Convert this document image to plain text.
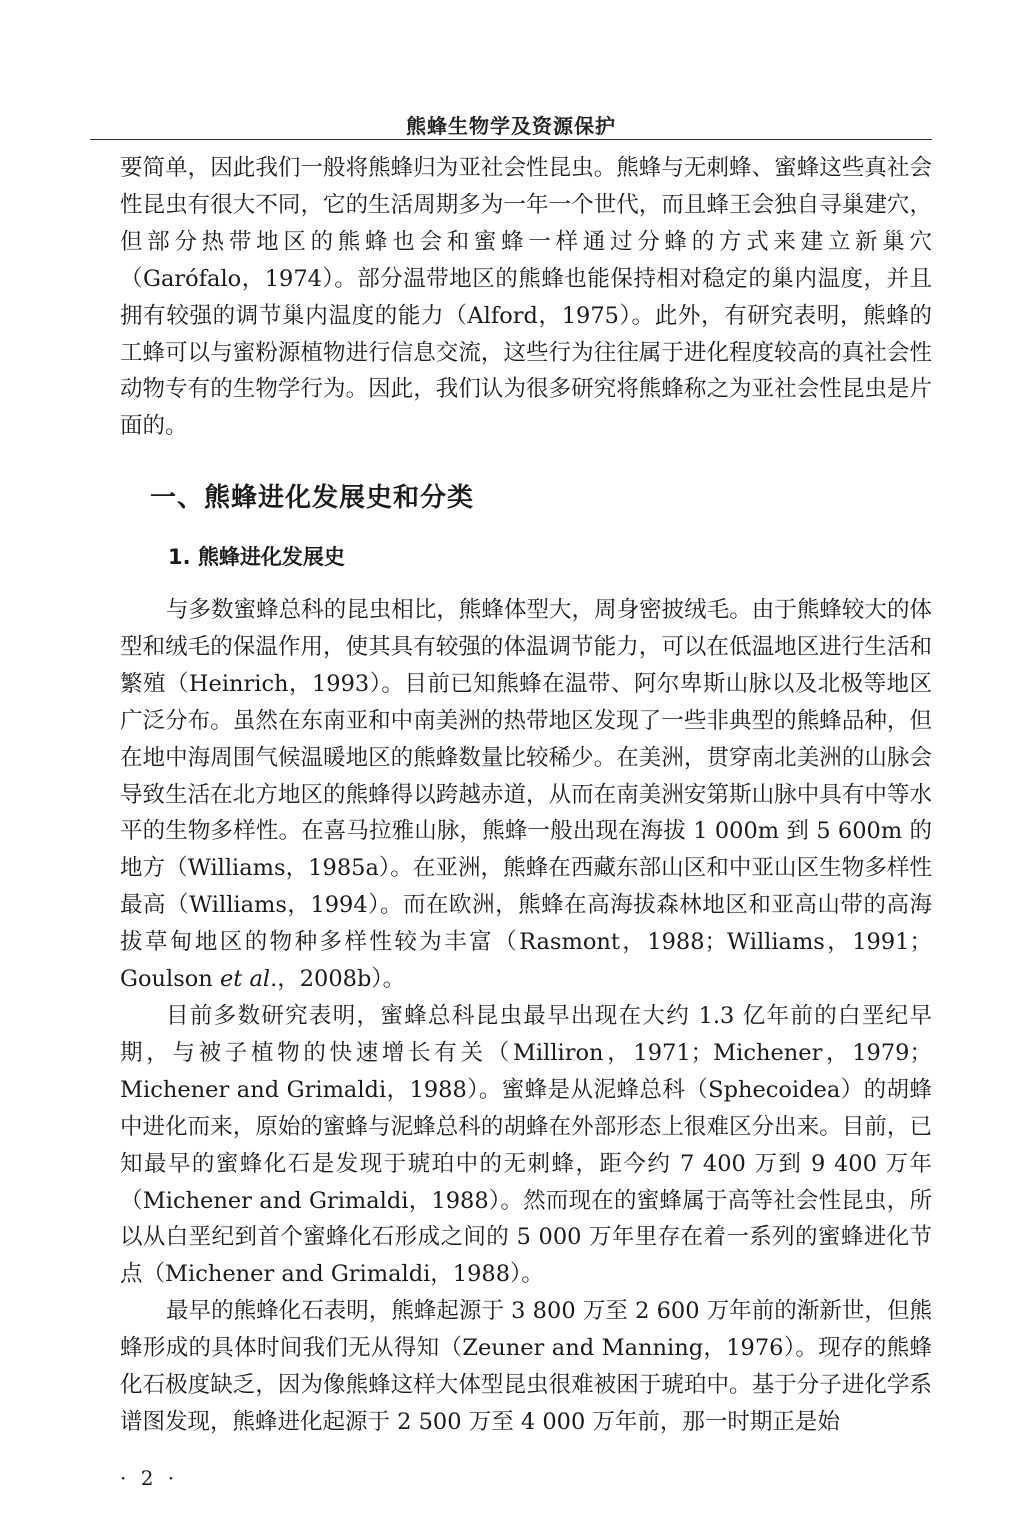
熊蜂生物学及资源保护

要简单，因此我们一般将熊蜂归为亚社会性昆虫。熊蜂与无刺蜂、蜜蜂这些真社会性昆虫有很大不同，它的生活周期多为一年一个世代，而且蜂王会独自寻巢建穴，但部分热带地区的熊蜂也会和蜜蜂一样通过分蜂的方式来建立新巢穴（Garófalo，1974）。部分温带地区的熊蜂也能保持相对稳定的巢内温度，并且拥有较强的调节巢内温度的能力（Alford，1975）。此外，有研究表明，熊蜂的工蜂可以与蜜粉源植物进行信息交流，这些行为往往属于进化程度较高的真社会性动物专有的生物学行为。因此，我们认为很多研究将熊蜂称之为亚社会性昆虫是片面的。

一、熊蜂进化发展史和分类
1. 熊蜂进化发展史

与多数蜜蜂总科的昆虫相比，熊蜂体型大，周身密披绒毛。由于熊蜂较大的体型和绒毛的保温作用，使其具有较强的体温调节能力，可以在低温地区进行生活和繁殖（Heinrich，1993）。目前已知熊蜂在温带、阿尔卑斯山脉以及北极等地区广泛分布。虽然在东南亚和中南美洲的热带地区发现了一些非典型的熊蜂品种，但在地中海周围气候温暖地区的熊蜂数量比较稀少。在美洲，贯穿南北美洲的山脉会导致生活在北方地区的熊蜂得以跨越赤道，从而在南美洲安第斯山脉中具有中等水平的生物多样性。在喜马拉雅山脉，熊蜂一般出现在海拔 1 000m 到 5 600m 的地方（Williams，1985a）。在亚洲，熊蜂在西藏东部山区和中亚山区生物多样性最高（Williams，1994）。而在欧洲，熊蜂在高海拔森林地区和亚高山带的高海拔草甸地区的物种多样性较为丰富（Rasmont，1988；Williams，1991；Goulson et al.，2008b）。

目前多数研究表明，蜜蜂总科昆虫最早出现在大约 1.3 亿年前的白垩纪早期，与被子植物的快速增长有关（Milliron，1971；Michener，1979；Michener and Grimaldi，1988）。蜜蜂是从泥蜂总科（Sphecoidea）的胡蜂中进化而来，原始的蜜蜂与泥蜂总科的胡蜂在外部形态上很难区分出来。目前，已知最早的蜜蜂化石是发现于琥珀中的无刺蜂，距今约 7 400 万到 9 400 万年（Michener and Grimaldi，1988）。然而现在的蜜蜂属于高等社会性昆虫，所以从白垩纪到首个蜜蜂化石形成之间的 5 000 万年里存在着一系列的蜜蜂进化节点（Michener and Grimaldi，1988）。

最早的熊蜂化石表明，熊蜂起源于 3 800 万至 2 600 万年前的渐新世，但熊蜂形成的具体时间我们无从得知（Zeuner and Manning，1976）。现存的熊蜂化石极度缺乏，因为像熊蜂这样大体型昆虫很难被困于琥珀中。基于分子进化学系谱图发现，熊蜂进化起源于 2 500 万至 4 000 万年前，那一时期正是始

· 2 ·
